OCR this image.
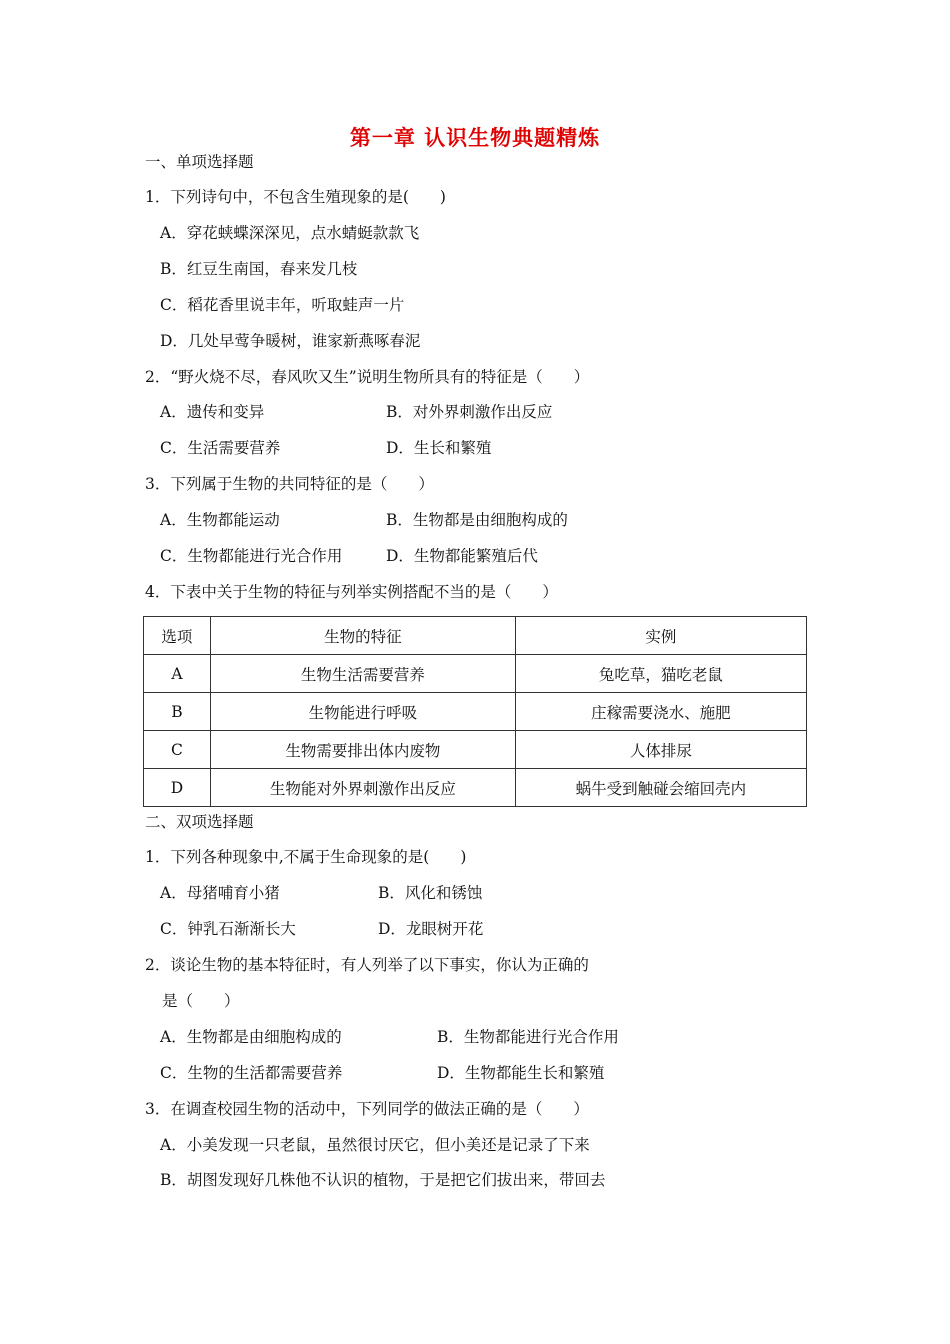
第一章 认识生物典题精炼
一、单项选择题
1．下列诗句中，不包含生殖现象的是(　　)
A．穿花蛱蝶深深见，点水蜻蜓款款飞
B．红豆生南国，春来发几枝
C．稻花香里说丰年，听取蛙声一片
D．几处早莺争暖树，谁家新燕啄春泥
2．“野火烧不尽，春风吹又生”说明生物所具有的特征是（　　）
A．遗传和变异	B．对外界刺激作出反应
C．生活需要营养	D．生长和繁殖
3．下列属于生物的共同特征的是（　　）
A．生物都能运动	B．生物都是由细胞构成的
C．生物都能进行光合作用	D．生物都能繁殖后代
4．下表中关于生物的特征与列举实例搭配不当的是（　　）
选项	生物的特征	实例
A	生物生活需要营养	兔吃草，猫吃老鼠
B	生物能进行呼吸	庄稼需要浇水、施肥
C	生物需要排出体内废物	人体排尿
D	生物能对外界刺激作出反应	蜗牛受到触碰会缩回壳内
二、双项选择题
1．下列各种现象中,不属于生命现象的是(　　)
A．母猪哺育小猪	B．风化和锈蚀
C．钟乳石渐渐长大	D．龙眼树开花
2．谈论生物的基本特征时，有人列举了以下事实，你认为正确的
是（　　）
A．生物都是由细胞构成的	B．生物都能进行光合作用
C．生物的生活都需要营养	D．生物都能生长和繁殖
3．在调查校园生物的活动中，下列同学的做法正确的是（　　）
A．小美发现一只老鼠，虽然很讨厌它，但小美还是记录了下来
B．胡图发现好几株他不认识的植物，于是把它们拔出来，带回去
